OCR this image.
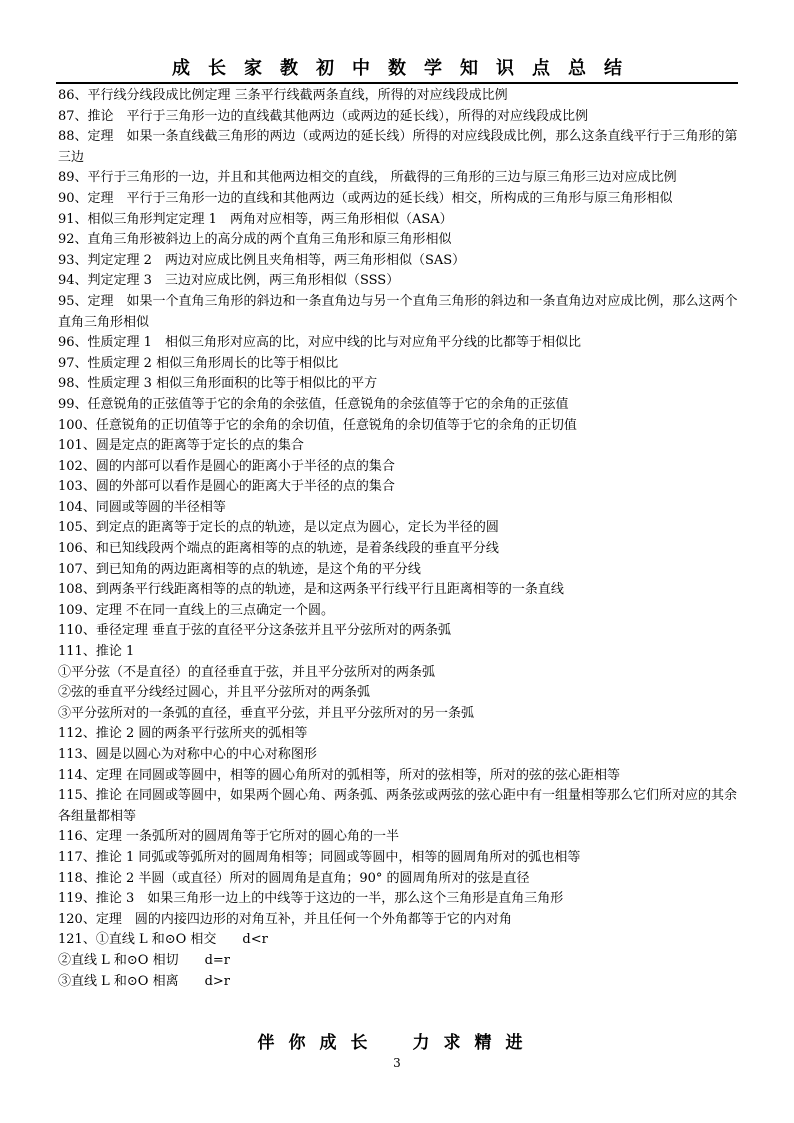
成长家教初中数学知识点总结
86、平行线分线段成比例定理 三条平行线截两条直线，所得的对应线段成比例
87、推论　平行于三角形一边的直线截其他两边（或两边的延长线），所得的对应线段成比例
88、定理　如果一条直线截三角形的两边（或两边的延长线）所得的对应线段成比例，那么这条直线平行于三角形的第三边
89、平行于三角形的一边，并且和其他两边相交的直线， 所截得的三角形的三边与原三角形三边对应成比例
90、定理　平行于三角形一边的直线和其他两边（或两边的延长线）相交，所构成的三角形与原三角形相似
91、相似三角形判定定理 1　两角对应相等，两三角形相似（ASA）
92、直角三角形被斜边上的高分成的两个直角三角形和原三角形相似
93、判定定理 2　两边对应成比例且夹角相等，两三角形相似（SAS）
94、判定定理 3　三边对应成比例，两三角形相似（SSS）
95、定理　如果一个直角三角形的斜边和一条直角边与另一个直角三角形的斜边和一条直角边对应成比例，那么这两个直角三角形相似
96、性质定理 1　相似三角形对应高的比，对应中线的比与对应角平分线的比都等于相似比
97、性质定理 2 相似三角形周长的比等于相似比
98、性质定理 3 相似三角形面积的比等于相似比的平方
99、任意锐角的正弦值等于它的余角的余弦值，任意锐角的余弦值等于它的余角的正弦值
100、任意锐角的正切值等于它的余角的余切值，任意锐角的余切值等于它的余角的正切值
101、圆是定点的距离等于定长的点的集合
102、圆的内部可以看作是圆心的距离小于半径的点的集合
103、圆的外部可以看作是圆心的距离大于半径的点的集合
104、同圆或等圆的半径相等
105、到定点的距离等于定长的点的轨迹，是以定点为圆心，定长为半径的圆
106、和已知线段两个端点的距离相等的点的轨迹，是着条线段的垂直平分线
107、到已知角的两边距离相等的点的轨迹，是这个角的平分线
108、到两条平行线距离相等的点的轨迹，是和这两条平行线平行且距离相等的一条直线
109、定理 不在同一直线上的三点确定一个圆。
110、垂径定理 垂直于弦的直径平分这条弦并且平分弦所对的两条弧
111、推论 1
①平分弦（不是直径）的直径垂直于弦，并且平分弦所对的两条弧
②弦的垂直平分线经过圆心，并且平分弦所对的两条弧
③平分弦所对的一条弧的直径，垂直平分弦，并且平分弦所对的另一条弧
112、推论 2 圆的两条平行弦所夹的弧相等
113、圆是以圆心为对称中心的中心对称图形
114、定理 在同圆或等圆中，相等的圆心角所对的弧相等，所对的弦相等，所对的弦的弦心距相等
115、推论 在同圆或等圆中，如果两个圆心角、两条弧、两条弦或两弦的弦心距中有一组量相等那么它们所对应的其余各组量都相等
116、定理 一条弧所对的圆周角等于它所对的圆心角的一半
117、推论 1 同弧或等弧所对的圆周角相等；同圆或等圆中，相等的圆周角所对的弧也相等
118、推论 2 半圆（或直径）所对的圆周角是直角；90° 的圆周角所对的弦是直径
119、推论 3　如果三角形一边上的中线等于这边的一半，那么这个三角形是直角三角形
120、定理　圆的内接四边形的对角互补，并且任何一个外角都等于它的内对角
121、①直线 L 和⊙O 相交　　d<r
②直线 L 和⊙O 相切　　d=r
③直线 L 和⊙O 相离　　d>r
伴你成长　力求精进
3
